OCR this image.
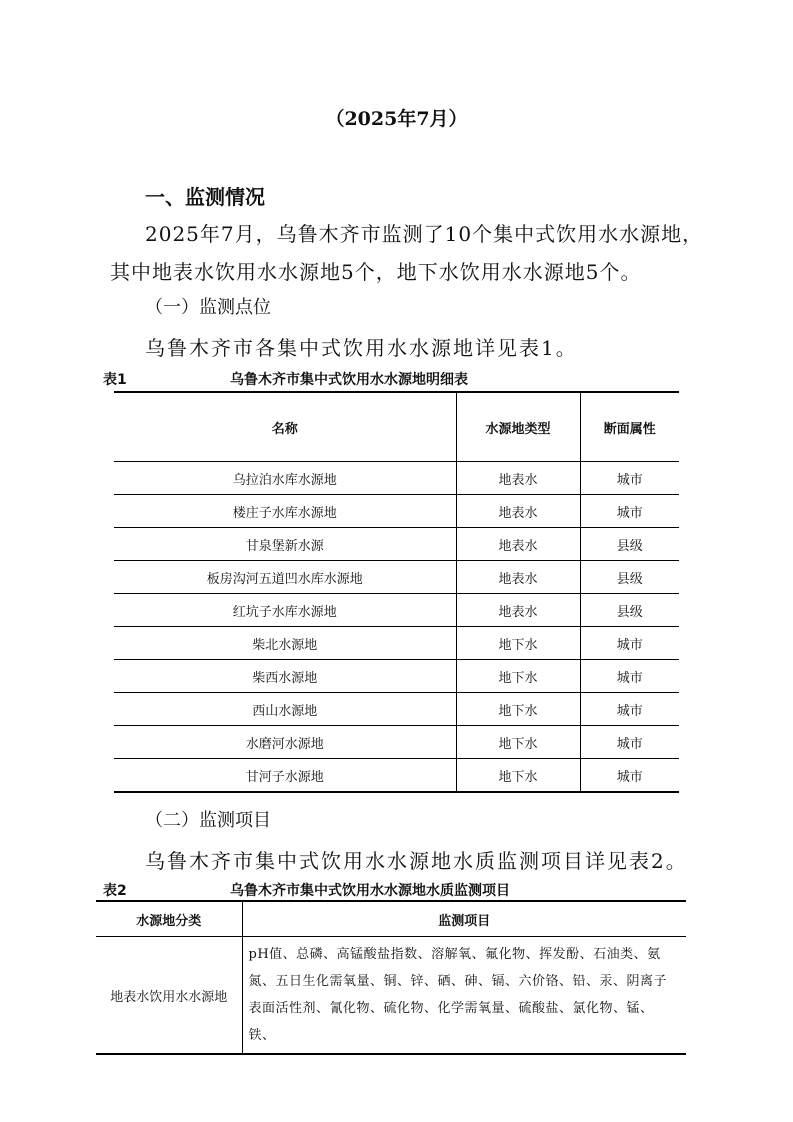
（2025年7月）
一、监测情况
2025年7月，乌鲁木齐市监测了10个集中式饮用水水源地，
其中地表水饮用水水源地5个，地下水饮用水水源地5个。
（一）监测点位
乌鲁木齐市各集中式饮用水水源地详见表1。
表1	乌鲁木齐市集中式饮用水水源地明细表
名称	水源地类型	断面属性
乌拉泊水库水源地	地表水	城市
楼庄子水库水源地	地表水	城市
甘泉堡新水源	地表水	县级
板房沟河五道凹水库水源地	地表水	县级
红坑子水库水源地	地表水	县级
柴北水源地	地下水	城市
柴西水源地	地下水	城市
西山水源地	地下水	城市
水磨河水源地	地下水	城市
甘河子水源地	地下水	城市
（二）监测项目
乌鲁木齐市集中式饮用水水源地水质监测项目详见表2。
表2	乌鲁木齐市集中式饮用水水源地水质监测项目
水源地分类	监测项目
地表水饮用水水源地	pH值、总磷、高锰酸盐指数、溶解氧、氟化物、挥发酚、石油类、氨氮、五日生化需氧量、铜、锌、硒、砷、镉、六价铬、铅、汞、阴离子表面活性剂、氰化物、硫化物、化学需氧量、硫酸盐、氯化物、锰、铁、
